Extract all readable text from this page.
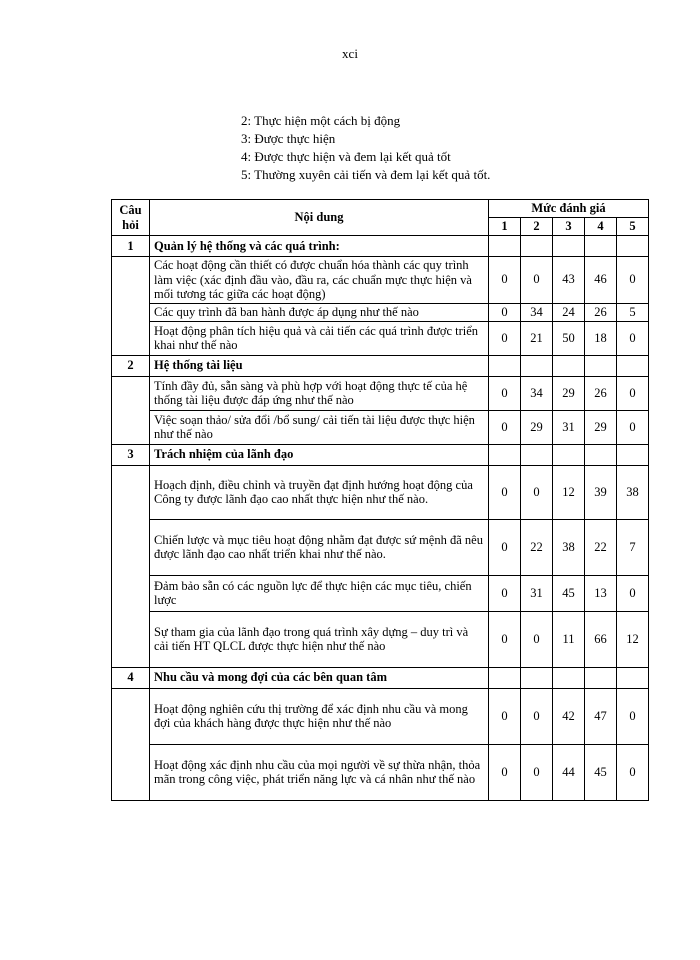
xci
2: Thực hiện một cách bị động
3: Được thực hiện
4: Được thực hiện và đem lại kết quả tốt
5: Thường xuyên cải tiến và đem lại kết quả tốt.
Câu hỏi	Nội dung	Mức đánh giá				
		1	2	3	4	5
1	Quản lý hệ thống và các quá trình:					
	Các hoạt động cần thiết có được chuẩn hóa thành các quy trình làm việc (xác định đầu vào, đầu ra, các chuẩn mực thực hiện và mối tương tác giữa các hoạt động)	0	0	43	46	0
	Các quy trình đã ban hành được áp dụng như thế nào	0	34	24	26	5
	Hoạt động phân tích hiệu quả và cải tiến các quá trình được triển khai như thế nào	0	21	50	18	0
2	Hệ thống tài liệu					
	Tính đầy đủ, sẵn sàng và phù hợp với hoạt động thực tế của hệ thống tài liệu được đáp ứng như thế nào	0	34	29	26	0
	Việc soạn thảo/ sửa đổi /bổ sung/ cải tiến tài liệu được thực hiện như thế nào	0	29	31	29	0
3	Trách nhiệm của lãnh đạo					
	Hoạch định, điều chỉnh và truyền đạt định hướng hoạt động của Công ty được lãnh đạo cao nhất thực hiện như thế nào.	0	0	12	39	38
	Chiến lược và mục tiêu hoạt động nhằm đạt được sứ mệnh đã nêu được lãnh đạo cao nhất triển khai như thế nào.	0	22	38	22	7
	Đảm bảo sẵn có các nguồn lực để thực hiện các mục tiêu, chiến lược	0	31	45	13	0
	Sự tham gia của lãnh đạo trong quá trình xây dựng – duy trì và cải tiến HT QLCL được thực hiện như thế nào	0	0	11	66	12
4	Nhu cầu và mong đợi của các bên quan tâm					
	Hoạt động nghiên cứu thị trường để xác định nhu cầu và mong đợi của khách hàng được thực hiện như thế nào	0	0	42	47	0
	Hoạt động xác định nhu cầu của mọi người về sự thừa nhận, thỏa mãn trong công việc, phát triển năng lực và cá nhân như thế nào	0	0	44	45	0
